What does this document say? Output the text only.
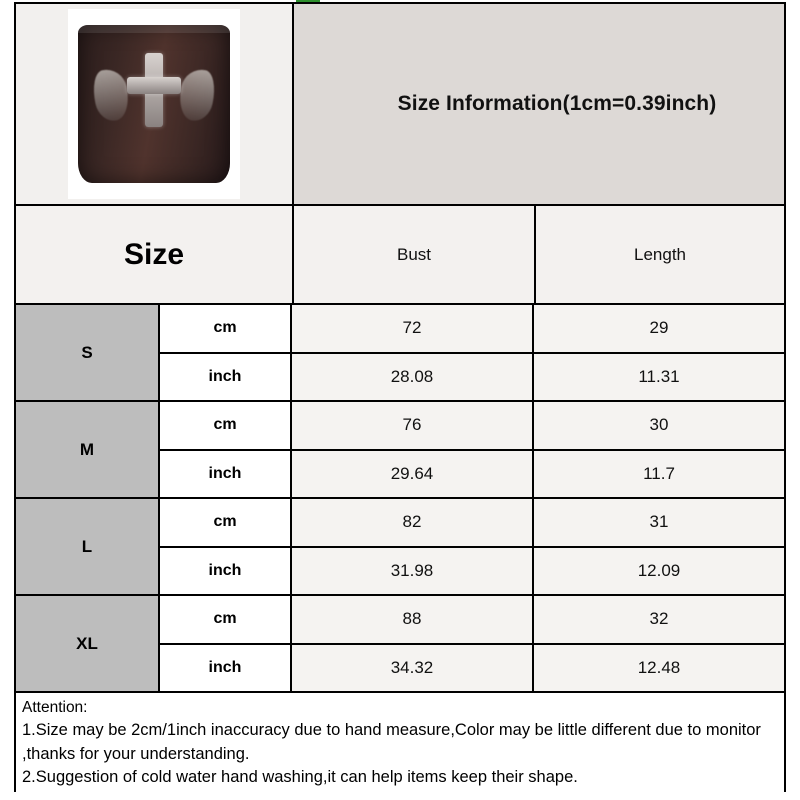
Size Information(1cm=0.39inch)
Size	Bust	Length
S
cm	72	29
inch	28.08	11.31
M
cm	76	30
inch	29.64	11.7
L
cm	82	31
inch	31.98	12.09
XL
cm	88	32
inch	34.32	12.48
Attention:
1.Size may be 2cm/1inch inaccuracy due to hand measure,Color may be little different due to monitor ,thanks for your understanding.
2.Suggestion of cold water hand washing,it can help items keep their shape.
